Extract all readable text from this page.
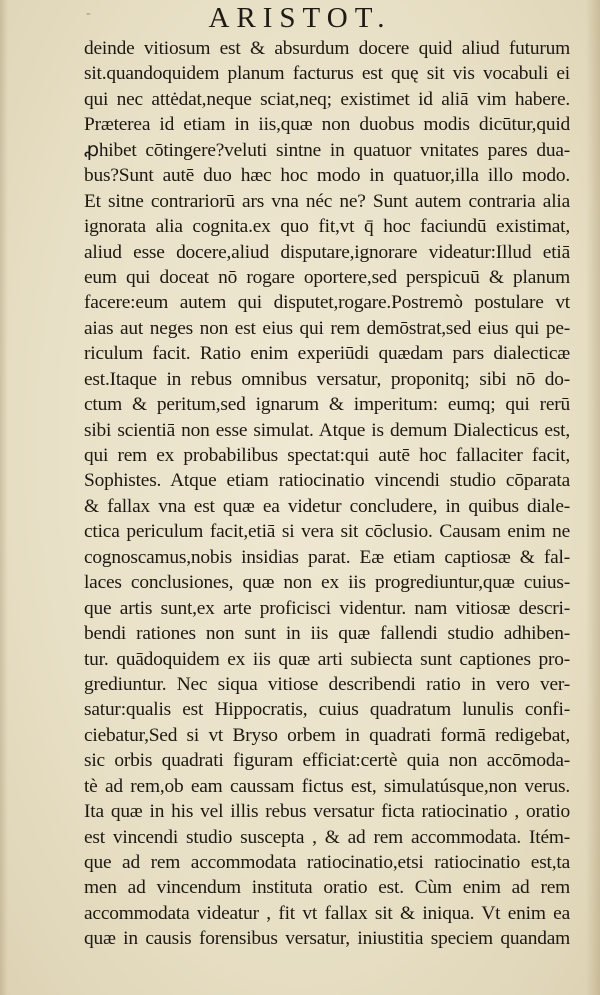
-	ARISTOT.
deinde vitiosum est & absurdum docere quid aliud futurum
sit.quandoquidem planum facturus est quę sit vis vocabuli ei
qui nec attėdat,neque sciat,neq; existimet id aliā vim habere.
Præterea id etiam in iis,quæ non duobus modis dicūtur,quid
ꝓhibet cōtingere?veluti sintne in quatuor vnitates pares dua-
bus?Sunt autē duo hæc hoc modo in quatuor,illa illo modo.
Et sitne contrariorū ars vna néc ne? Sunt autem contraria alia
ignorata alia cognita.ex quo fit,vt q̄ hoc faciundū existimat,
aliud esse docere,aliud disputare,ignorare videatur:Illud etiā
eum qui doceat nō rogare oportere,sed perspicuū & planum
facere:eum autem qui disputet,rogare.Postremò postulare vt
aias aut neges non est eius qui rem demōstrat,sed eius qui pe-
riculum facit. Ratio enim experiūdi quædam pars dialecticæ
est.Itaque in rebus omnibus versatur, proponitq; sibi nō do-
ctum & peritum,sed ignarum & imperitum: eumq; qui rerū
sibi scientiā non esse simulat. Atque is demum Dialecticus est,
qui rem ex probabilibus spectat:qui autē hoc fallaciter facit,
Sophistes. Atque etiam ratiocinatio vincendi studio cōparata
& fallax vna est quæ ea videtur concludere, in quibus diale-
ctica periculum facit,etiā si vera sit cōclusio. Causam enim ne
cognoscamus,nobis insidias parat. Eæ etiam captiosæ & fal-
laces conclusiones, quæ non ex iis progrediuntur,quæ cuius-
que artis sunt,ex arte proficisci videntur. nam vitiosæ descri-
bendi rationes non sunt in iis quæ fallendi studio adhiben-
tur. quādoquidem ex iis quæ arti subiecta sunt captiones pro-
grediuntur. Nec siqua vitiose describendi ratio in vero ver-
satur:qualis est Hippocratis, cuius quadratum lunulis confi-
ciebatur,Sed si vt Bryso orbem in quadrati formā redigebat,
sic orbis quadrati figuram efficiat:certè quia non accōmoda-
tè ad rem,ob eam caussam fictus est, simulatúsque,non verus.
Ita quæ in his vel illis rebus versatur ficta ratiocinatio , oratio
est vincendi studio suscepta , & ad rem accommodata. Itém-
que ad rem accommodata ratiocinatio,etsi ratiocinatio est,ta
men ad vincendum instituta oratio est. Cùm enim ad rem
accommodata videatur , fit vt fallax sit & iniqua. Vt enim ea
quæ in causis forensibus versatur, iniustitia speciem quandam
